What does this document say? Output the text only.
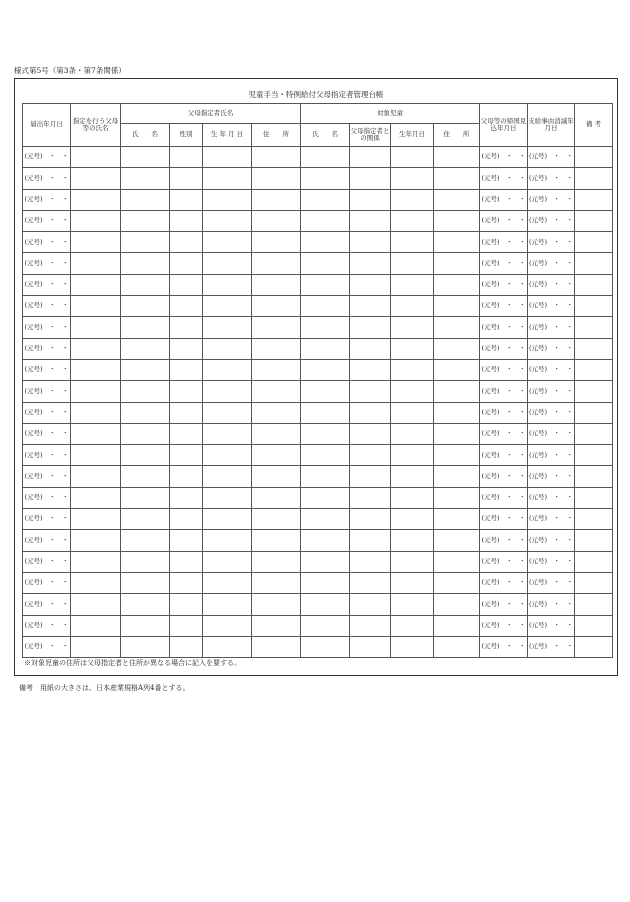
様式第5号（第3条・第7条関係）
児童手当・特例給付父母指定者管理台帳
届出年月日	指定を行う父母等の氏名	父母指定者氏名				対象児童				父母等の帰国見込年月日	支給事由消滅年月日	備 考
		氏　　名	性別	生 年 月 日	住　　所	氏　　名	父母指定者との関係	生年月日	住　　所			
(元号)　・　・										(元号)　・　・	(元号)　・　・	
(元号)　・　・										(元号)　・　・	(元号)　・　・	
(元号)　・　・										(元号)　・　・	(元号)　・　・	
(元号)　・　・										(元号)　・　・	(元号)　・　・	
(元号)　・　・										(元号)　・　・	(元号)　・　・	
(元号)　・　・										(元号)　・　・	(元号)　・　・	
(元号)　・　・										(元号)　・　・	(元号)　・　・	
(元号)　・　・										(元号)　・　・	(元号)　・　・	
(元号)　・　・										(元号)　・　・	(元号)　・　・	
(元号)　・　・										(元号)　・　・	(元号)　・　・	
(元号)　・　・										(元号)　・　・	(元号)　・　・	
(元号)　・　・										(元号)　・　・	(元号)　・　・	
(元号)　・　・										(元号)　・　・	(元号)　・　・	
(元号)　・　・										(元号)　・　・	(元号)　・　・	
(元号)　・　・										(元号)　・　・	(元号)　・　・	
(元号)　・　・										(元号)　・　・	(元号)　・　・	
(元号)　・　・										(元号)　・　・	(元号)　・　・	
(元号)　・　・										(元号)　・　・	(元号)　・　・	
(元号)　・　・										(元号)　・　・	(元号)　・　・	
(元号)　・　・										(元号)　・　・	(元号)　・　・	
(元号)　・　・										(元号)　・　・	(元号)　・　・	
(元号)　・　・										(元号)　・　・	(元号)　・　・	
(元号)　・　・										(元号)　・　・	(元号)　・　・	
(元号)　・　・										(元号)　・　・	(元号)　・　・	
※対象児童の住所は父母指定者と住所が異なる場合に記入を要する。
備考　用紙の大きさは、日本産業規格A列4番とする。
